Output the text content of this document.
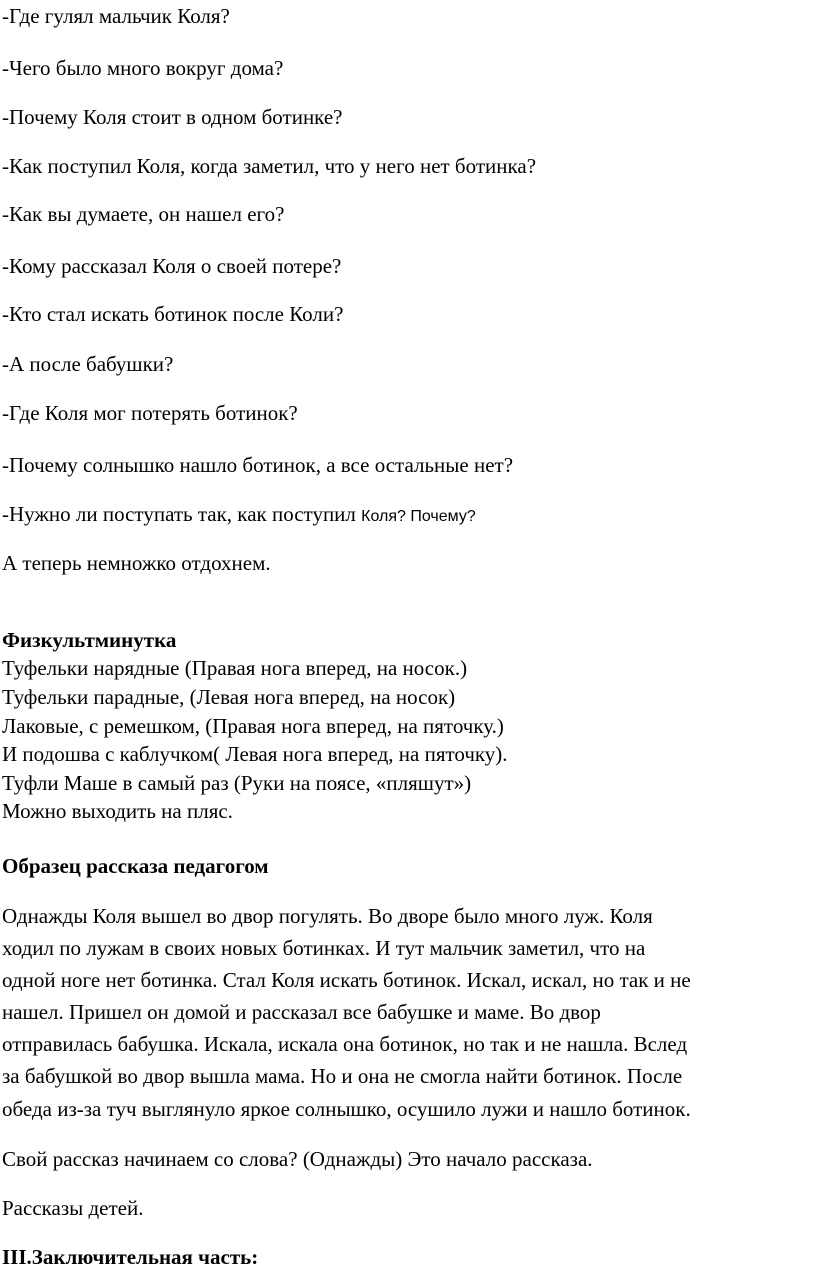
-Где гулял мальчик Коля?
-Чего было много вокруг дома?
-Почему Коля стоит в одном ботинке?
-Как поступил Коля, когда заметил, что у него нет ботинка?
-Как вы думаете, он нашел его?
-Кому рассказал Коля о своей потере?
-Кто стал искать ботинок после Коли?
-А после бабушки?
-Где Коля мог потерять ботинок?
-Почему солнышко нашло ботинок, а все остальные нет?
-Нужно ли поступать так, как поступил Коля? Почему?
А теперь немножко отдохнем.
Физкультминутка
Туфельки нарядные (Правая нога вперед, на носок.)
Туфельки парадные, (Левая нога вперед, на носок)
Лаковые, с ремешком, (Правая нога вперед, на пяточку.)
И подошва с каблучком( Левая нога вперед, на пяточку).
Туфли Маше в самый раз (Руки на поясе, «пляшут»)
Можно выходить на пляс.
Образец рассказа педагогом
Однажды Коля вышел во двор погулять. Во дворе было много луж. Коля
ходил по лужам в своих новых ботинках. И тут мальчик заметил, что на
одной ноге нет ботинка. Стал Коля искать ботинок. Искал, искал, но так и не
нашел. Пришел он домой и рассказал все бабушке и маме. Во двор
отправилась бабушка. Искала, искала она ботинок, но так и не нашла. Вслед
за бабушкой во двор вышла мама. Но и она не смогла найти ботинок. После
обеда из-за туч выглянуло яркое солнышко, осушило лужи и нашло ботинок.
Свой рассказ начинаем со слова? (Однажды) Это начало рассказа.
Рассказы детей.
III.Заключительная часть:
